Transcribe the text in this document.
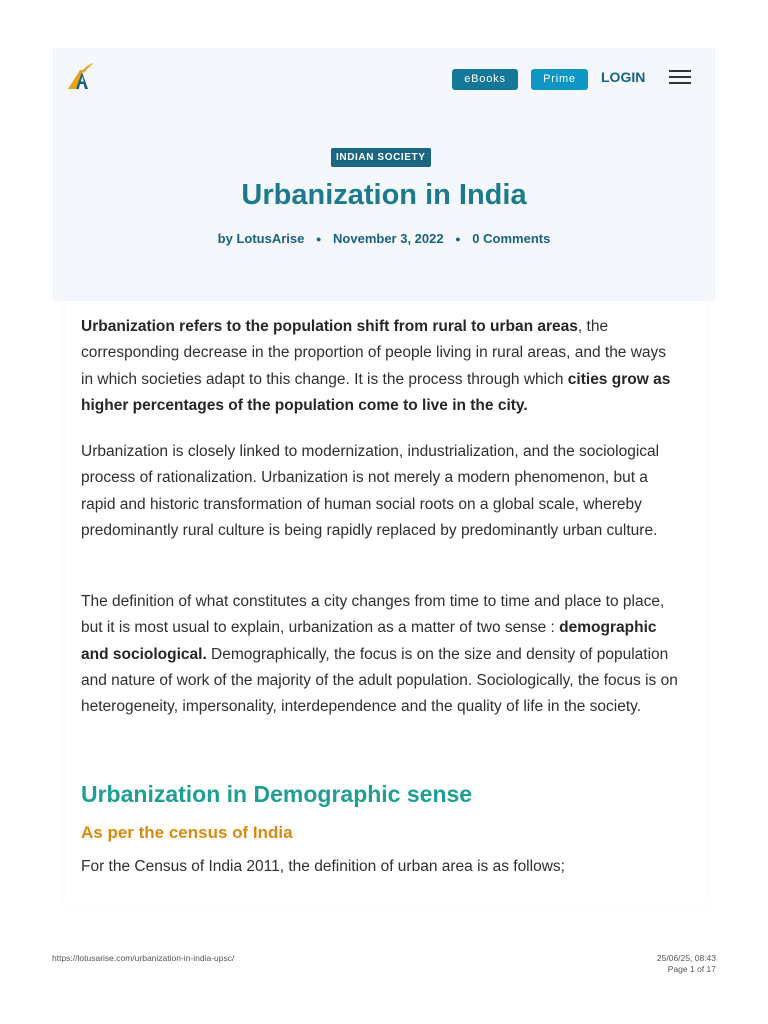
eBooks	Prime	LOGIN
INDIAN SOCIETY
Urbanization in India
by LotusArise ● November 3, 2022 ● 0 Comments

Urbanization refers to the population shift from rural to urban areas, the corresponding decrease in the proportion of people living in rural areas, and the ways in which societies adapt to this change. It is the process through which cities grow as higher percentages of the population come to live in the city.

Urbanization is closely linked to modernization, industrialization, and the sociological process of rationalization. Urbanization is not merely a modern phenomenon, but a rapid and historic transformation of human social roots on a global scale, whereby predominantly rural culture is being rapidly replaced by predominantly urban culture.

The definition of what constitutes a city changes from time to time and place to place, but it is most usual to explain, urbanization as a matter of two sense : demographic and sociological. Demographically, the focus is on the size and density of population and nature of work of the majority of the adult population. Sociologically, the focus is on heterogeneity, impersonality, interdependence and the quality of life in the society.

Urbanization in Demographic sense
As per the census of India

For the Census of India 2011, the definition of urban area is as follows;

https://lotusarise.com/urbanization-in-india-upsc/	25/06/25, 08:43
Page 1 of 17
